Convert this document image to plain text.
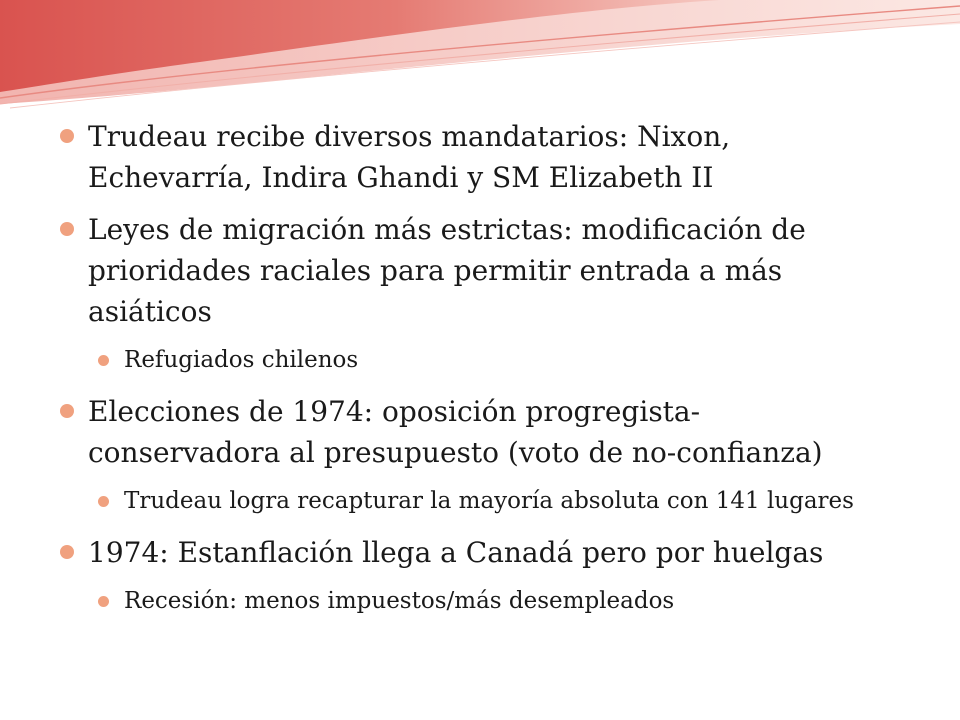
Trudeau recibe diversos mandatarios: Nixon, Echevarría, Indira Ghandi y SM Elizabeth II
Leyes de migración más estrictas: modificación de prioridades raciales para permitir entrada a más asiáticos
Refugiados chilenos
Elecciones de 1974: oposición progregista-conservadora al presupuesto (voto de no-confianza)
Trudeau logra recapturar la mayoría absoluta con 141 lugares
1974: Estanflación llega a Canadá pero por huelgas
Recesión: menos impuestos/más desempleados
